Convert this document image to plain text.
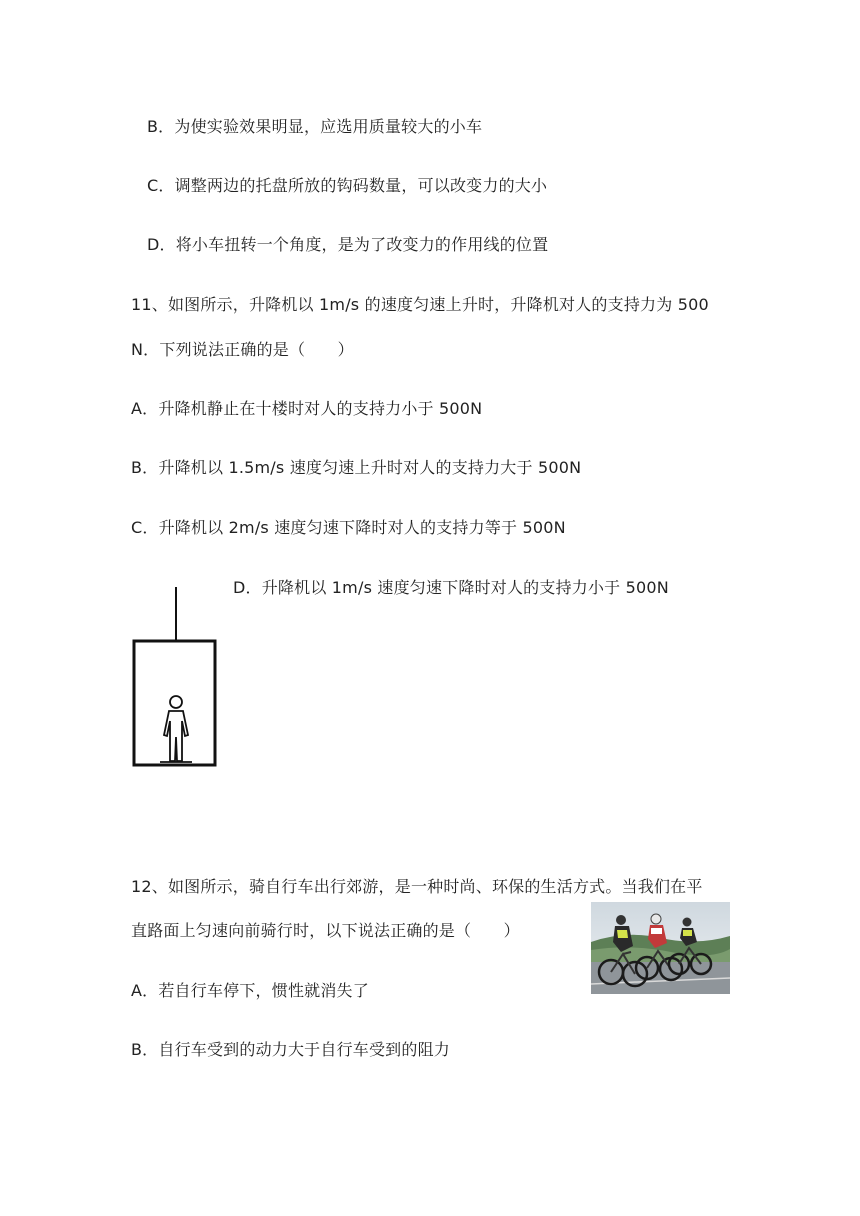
B．为使实验效果明显，应选用质量较大的小车
C．调整两边的托盘所放的钩码数量，可以改变力的大小
D．将小车扭转一个角度，是为了改变力的作用线的位置
11、如图所示，升降机以 1m/s 的速度匀速上升时，升降机对人的支持力为 500
N．下列说法正确的是（　　）
A．升降机静止在十楼时对人的支持力小于 500N
B．升降机以 1.5m/s 速度匀速上升时对人的支持力大于 500N
C．升降机以 2m/s 速度匀速下降时对人的支持力等于 500N
D．升降机以 1m/s 速度匀速下降时对人的支持力小于 500N
12、如图所示，骑自行车出行郊游，是一种时尚、环保的生活方式。当我们在平
直路面上匀速向前骑行时，以下说法正确的是（　　）
A．若自行车停下，惯性就消失了
B．自行车受到的动力大于自行车受到的阻力
